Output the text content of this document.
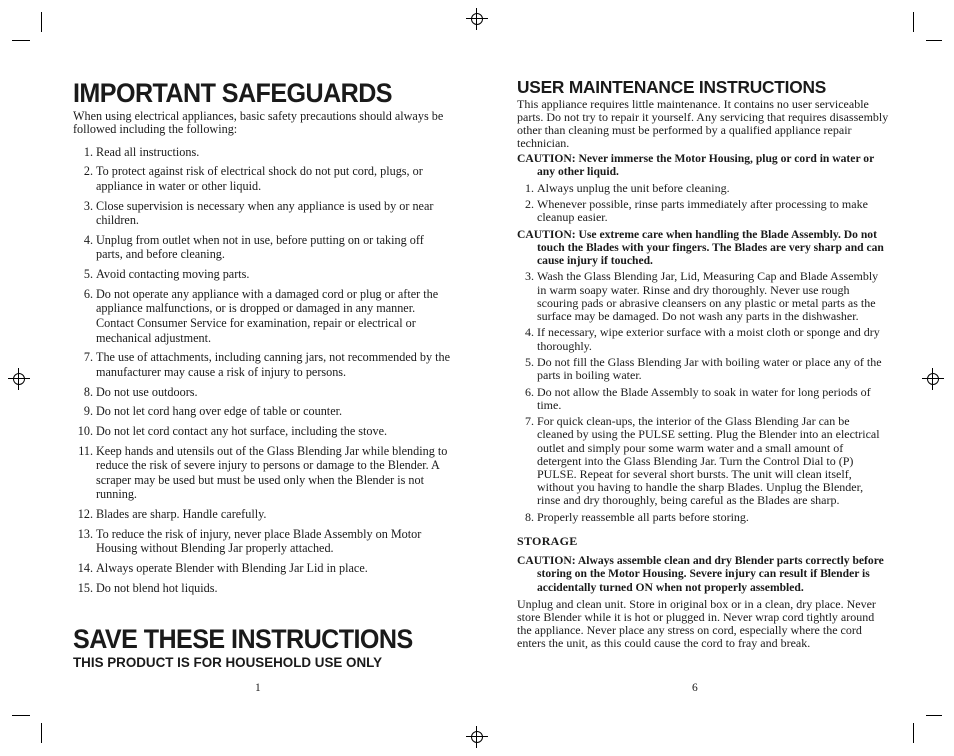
IMPORTANT SAFEGUARDS

When using electrical appliances, basic safety precautions should always be followed including the following:

1. Read all instructions.
2. To protect against risk of electrical shock do not put cord, plugs, or appliance in water or other liquid.
3. Close supervision is necessary when any appliance is used by or near children.
4. Unplug from outlet when not in use, before putting on or taking off parts, and before cleaning.
5. Avoid contacting moving parts.
6. Do not operate any appliance with a damaged cord or plug or after the appliance malfunctions, or is dropped or damaged in any manner. Contact Consumer Service for examination, repair or electrical or mechanical adjustment.
7. The use of attachments, including canning jars, not recommended by the manufacturer may cause a risk of injury to persons.
8. Do not use outdoors.
9. Do not let cord hang over edge of table or counter.
10. Do not let cord contact any hot surface, including the stove.
11. Keep hands and utensils out of the Glass Blending Jar while blending to reduce the risk of severe injury to persons or damage to the Blender. A scraper may be used but must be used only when the Blender is not running.
12. Blades are sharp. Handle carefully.
13. To reduce the risk of injury, never place Blade Assembly on Motor Housing without Blending Jar properly attached.
14. Always operate Blender with Blending Jar Lid in place.
15. Do not blend hot liquids.
SAVE THESE INSTRUCTIONS

THIS PRODUCT IS FOR HOUSEHOLD USE ONLY

1
USER MAINTENANCE INSTRUCTIONS

This appliance requires little maintenance. It contains no user serviceable parts. Do not try to repair it yourself. Any servicing that requires disassembly other than cleaning must be performed by a qualified appliance repair technician.

CAUTION: Never immerse the Motor Housing, plug or cord in water or any other liquid.

1. Always unplug the unit before cleaning.
2. Whenever possible, rinse parts immediately after processing to make cleanup easier.

CAUTION: Use extreme care when handling the Blade Assembly. Do not touch the Blades with your fingers. The Blades are very sharp and can cause injury if touched.

3. Wash the Glass Blending Jar, Lid, Measuring Cap and Blade Assembly in warm soapy water. Rinse and dry thoroughly. Never use rough scouring pads or abrasive cleansers on any plastic or metal parts as the surface may be damaged. Do not wash any parts in the dishwasher.
4. If necessary, wipe exterior surface with a moist cloth or sponge and dry thoroughly.
5. Do not fill the Glass Blending Jar with boiling water or place any of the parts in boiling water.
6. Do not allow the Blade Assembly to soak in water for long periods of time.
7. For quick clean-ups, the interior of the Glass Blending Jar can be cleaned by using the PULSE setting. Plug the Blender into an electrical outlet and simply pour some warm water and a small amount of detergent into the Glass Blending Jar. Turn the Control Dial to (P) PULSE. Repeat for several short bursts. The unit will clean itself, without you having to handle the sharp Blades. Unplug the Blender, rinse and dry thoroughly, being careful as the Blades are sharp.
8. Properly reassemble all parts before storing.
STORAGE

CAUTION: Always assemble clean and dry Blender parts correctly before storing on the Motor Housing. Severe injury can result if Blender is accidentally turned ON when not properly assembled.

Unplug and clean unit. Store in original box or in a clean, dry place. Never store Blender while it is hot or plugged in. Never wrap cord tightly around the appliance. Never place any stress on cord, especially where the cord enters the unit, as this could cause the cord to fray and break.

6
